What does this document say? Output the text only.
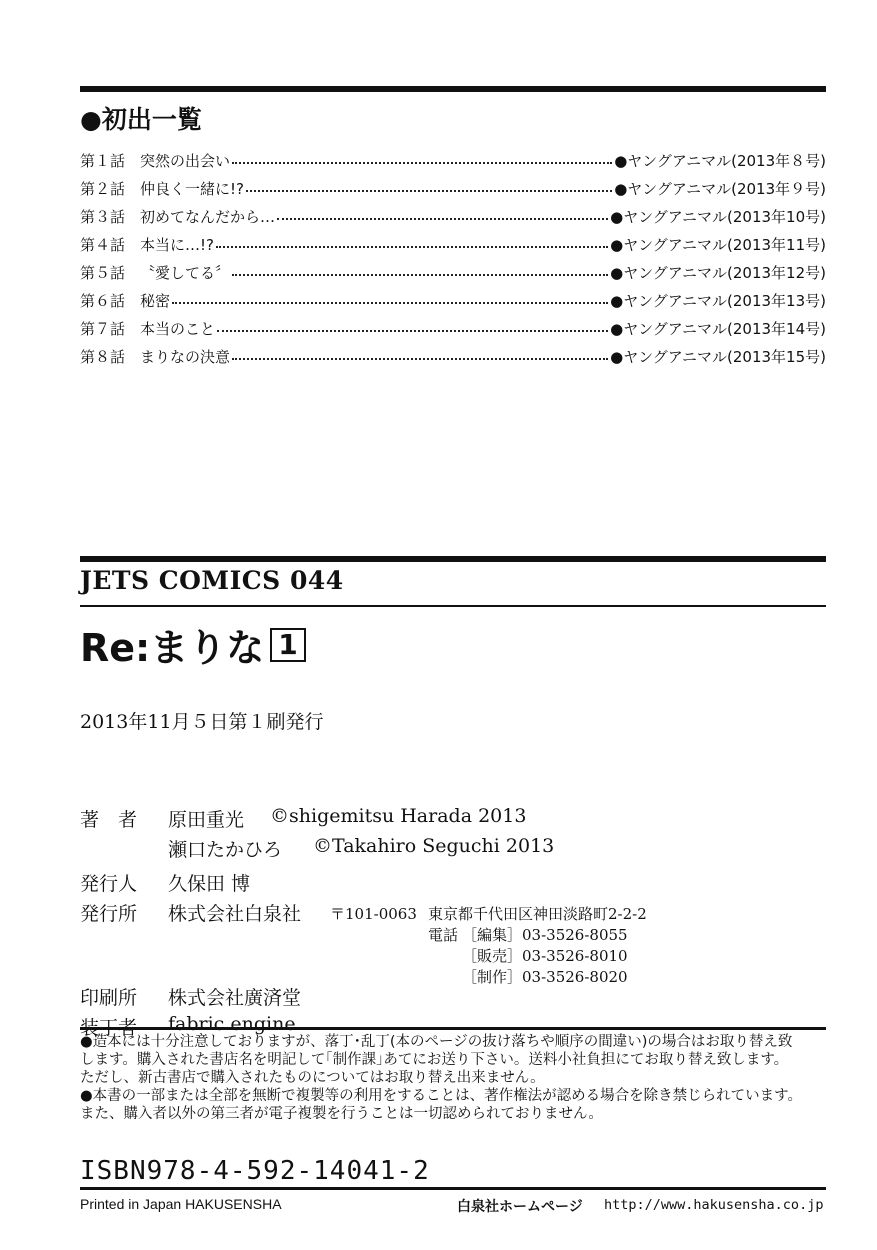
●初出一覧
第１話 突然の出会い	●ヤングアニマル(2013年８号)
第２話 仲良く一緒に!?	●ヤングアニマル(2013年９号)
第３話 初めてなんだから…	●ヤングアニマル(2013年10号)
第４話 本当に…!?	●ヤングアニマル(2013年11号)
第５話 〝愛してる〞	●ヤングアニマル(2013年12号)
第６話 秘密	●ヤングアニマル(2013年13号)
第７話 本当のこと	●ヤングアニマル(2013年14号)
第８話 まりなの決意	●ヤングアニマル(2013年15号)
JETS COMICS 044
Re:まりな 1
2013年11月５日第１刷発行
著　者 原田重光 ©shigemitsu Harada 2013
瀬口たかひろ ©Takahiro Seguchi 2013
発行人 久保田 博
発行所 株式会社白泉社 〒101-0063 東京都千代田区神田淡路町2-2-2
電話 ［編集］03-3526-8055
［販売］03-3526-8010
［制作］03-3526-8020
印刷所 株式会社廣済堂
装丁者 fabric engine
●造本には十分注意しておりますが、落丁･乱丁(本のページの抜け落ちや順序の間違い)の場合はお取り替え致
します。購入された書店名を明記して｢制作課｣あてにお送り下さい。送料小社負担にてお取り替え致します。
ただし、新古書店で購入されたものについてはお取り替え出来ません。
●本書の一部または全部を無断で複製等の利用をすることは、著作権法が認める場合を除き禁じられています。
また、購入者以外の第三者が電子複製を行うことは一切認められておりません。
ISBN978-4-592-14041-2
Printed in Japan HAKUSENSHA	白泉社ホームページ http://www.hakusensha.co.jp
